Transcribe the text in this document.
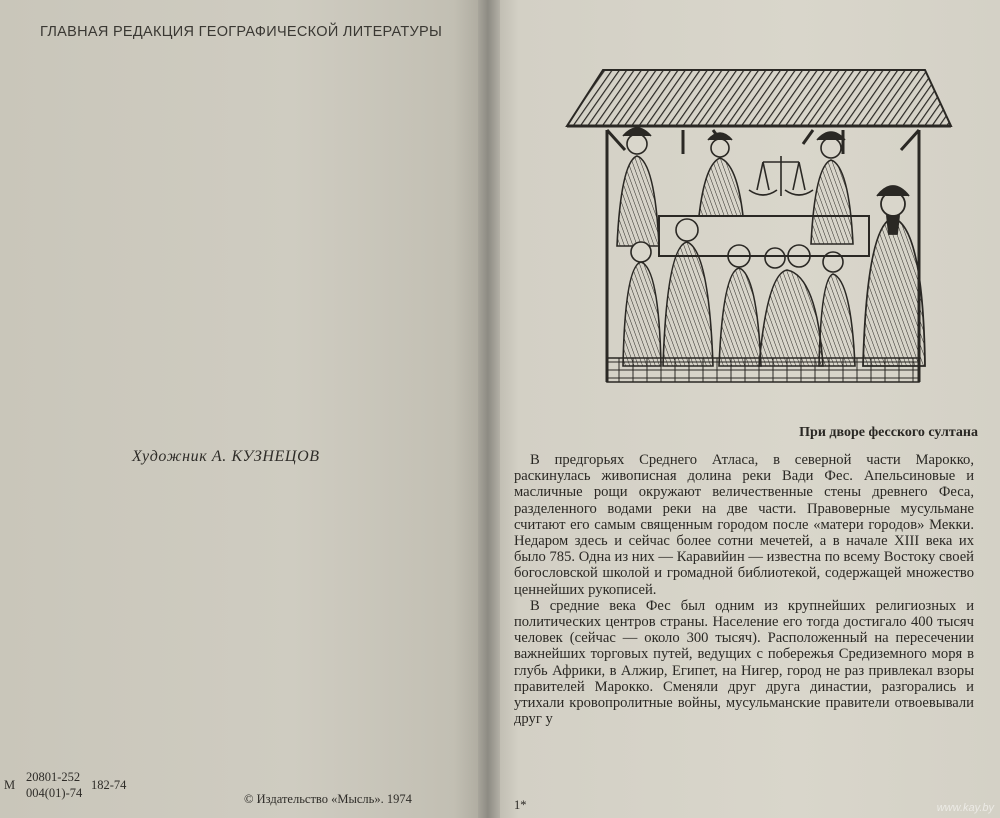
ГЛАВНАЯ РЕДАКЦИЯ ГЕОГРАФИЧЕСКОЙ ЛИТЕРАТУРЫ
Художник А. КУЗНЕЦОВ
М
20801-252
004(01)-74
182-74
© Издательство «Мысль». 1974
При дворе фесского султана

В предгорьях Среднего Атласа, в северной части Марокко, раскинулась живописная долина реки Вади Фес. Апельсиновые и масличные рощи окружают величественные стены древнего Феса, разделенного водами реки на две части. Правоверные мусульмане считают его самым священным городом после «матери городов» Мекки. Недаром здесь и сейчас более сотни мечетей, а в начале XIII века их было 785. Одна из них — Каравийин — известна по всему Востоку своей богословской школой и громадной библиотекой, содержащей множество ценнейших рукописей.

В средние века Фес был одним из крупнейших религиозных и политических центров страны. Население его тогда достигало 400 тысяч человек (сейчас — около 300 тысяч). Расположенный на пересечении важнейших торговых путей, ведущих с побережья Средиземного моря в глубь Африки, в Алжир, Египет, на Нигер, город не раз привлекал взоры правителей Марокко. Сменяли друг друга династии, разгорались и утихали кровопролитные войны, мусульманские правители отвоевывали друг у

1*	www.kay.by
